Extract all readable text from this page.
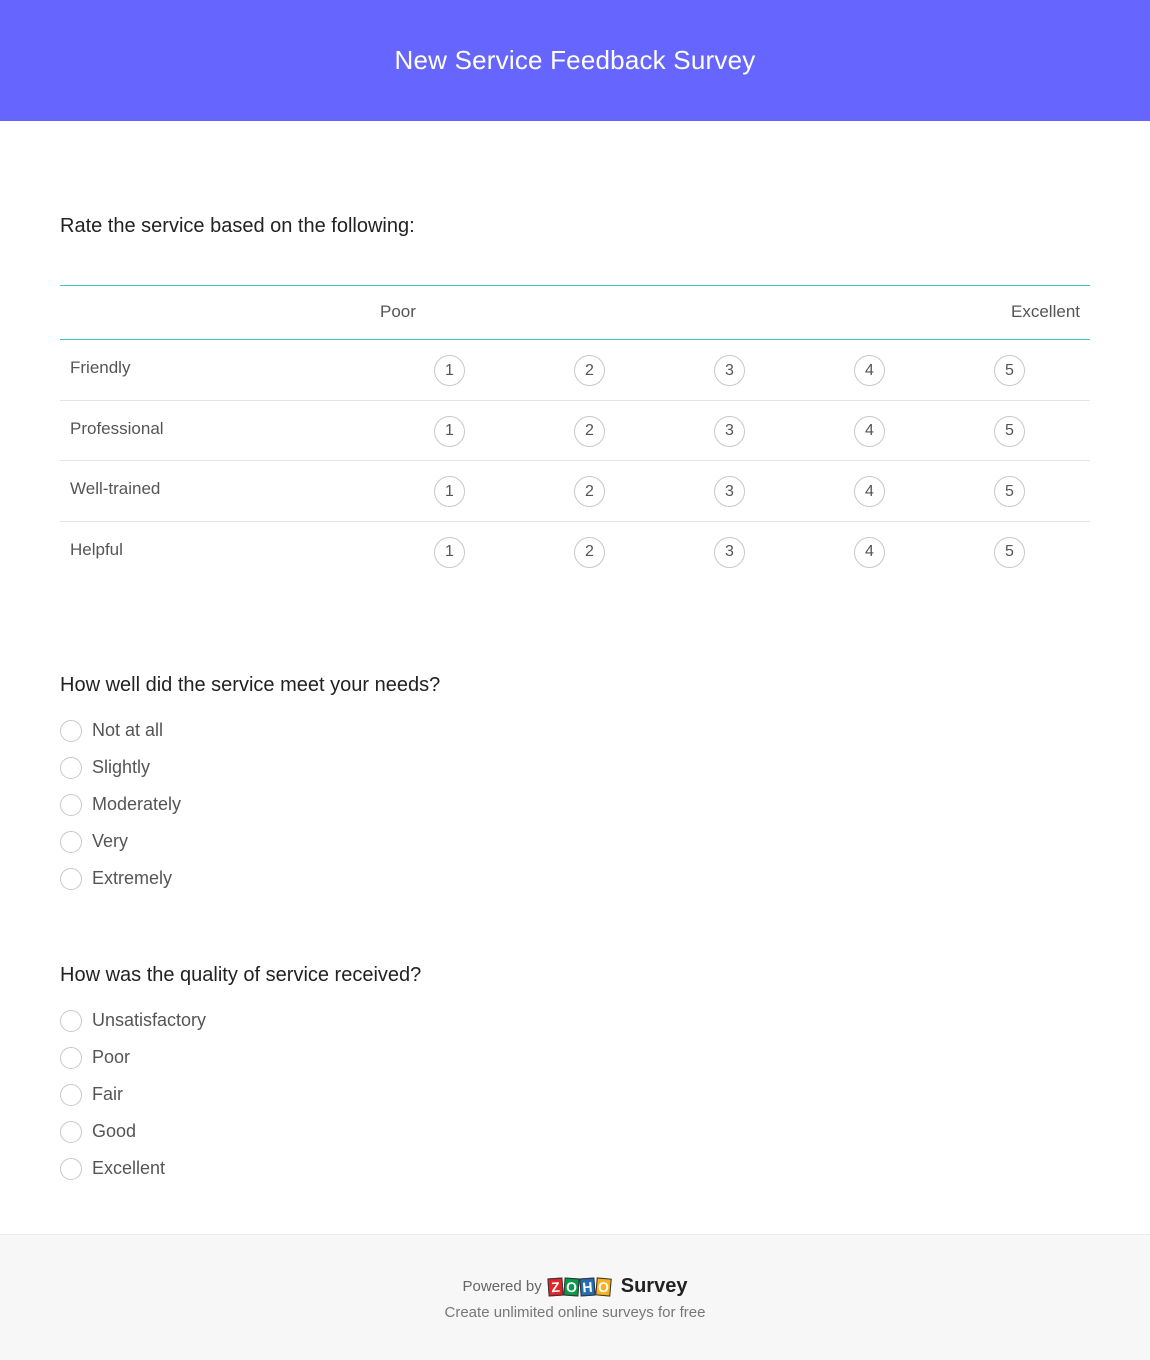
New Service Feedback Survey
Rate the service based on the following:
Poor	Excellent
Friendly	1	2	3	4	5
Professional	1	2	3	4	5
Well-trained	1	2	3	4	5
Helpful	1	2	3	4	5
How well did the service meet your needs?
Not at all
Slightly
Moderately
Very
Extremely
How was the quality of service received?
Unsatisfactory
Poor
Fair
Good
Excellent
Powered by Z O H O Survey
Create unlimited online surveys for free
